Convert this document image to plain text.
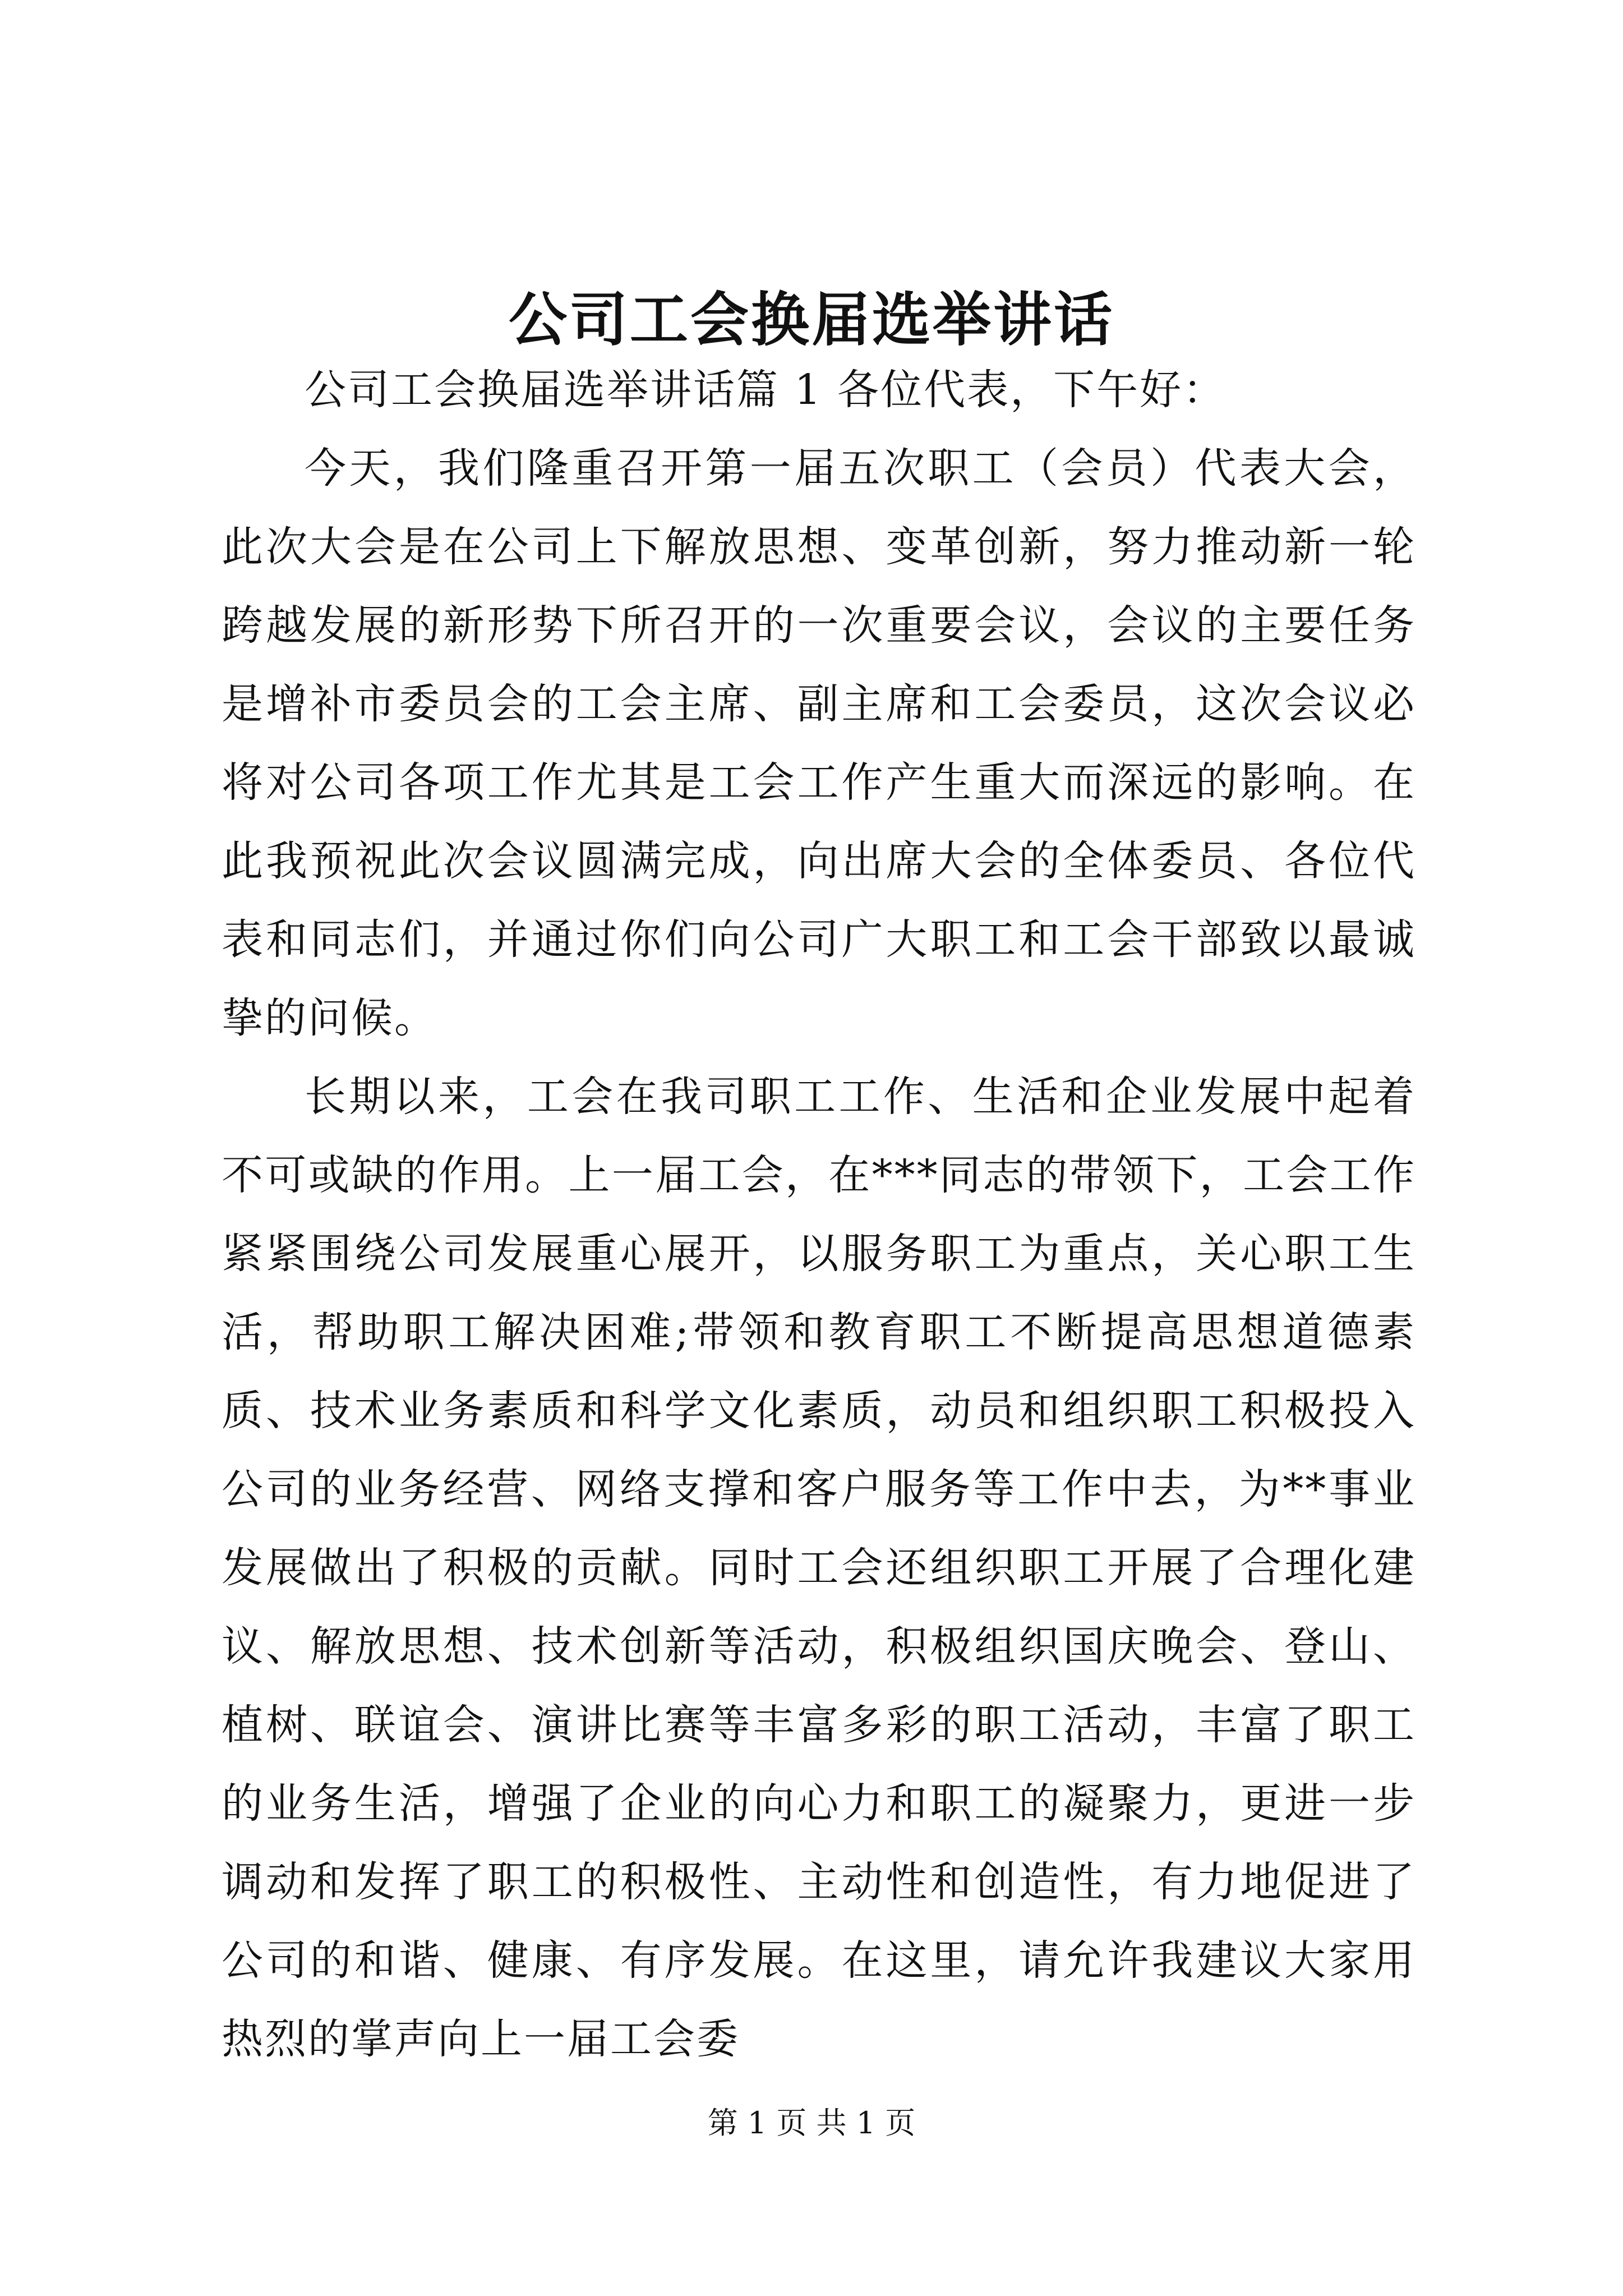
公司工会换届选举讲话

公司工会换届选举讲话篇 1 各位代表，下午好：

今天，我们隆重召开第一届五次职工（会员）代表大会，此次大会是在公司上下解放思想、变革创新，努力推动新一轮跨越发展的新形势下所召开的一次重要会议，会议的主要任务是增补市委员会的工会主席、副主席和工会委员，这次会议必将对公司各项工作尤其是工会工作产生重大而深远的影响。在此我预祝此次会议圆满完成，向出席大会的全体委员、各位代表和同志们，并通过你们向公司广大职工和工会干部致以最诚挚的问候。

长期以来，工会在我司职工工作、生活和企业发展中起着不可或缺的作用。上一届工会，在***同志的带领下，工会工作紧紧围绕公司发展重心展开，以服务职工为重点，关心职工生活，帮助职工解决困难;带领和教育职工不断提高思想道德素质、技术业务素质和科学文化素质，动员和组织职工积极投入公司的业务经营、网络支撑和客户服务等工作中去，为**事业发展做出了积极的贡献。同时工会还组织职工开展了合理化建议、解放思想、技术创新等活动，积极组织国庆晚会、登山、植树、联谊会、演讲比赛等丰富多彩的职工活动，丰富了职工的业务生活，增强了企业的向心力和职工的凝聚力，更进一步调动和发挥了职工的积极性、主动性和创造性，有力地促进了公司的和谐、健康、有序发展。在这里，请允许我建议大家用热烈的掌声向上一届工会委

第 1 页 共 1 页
